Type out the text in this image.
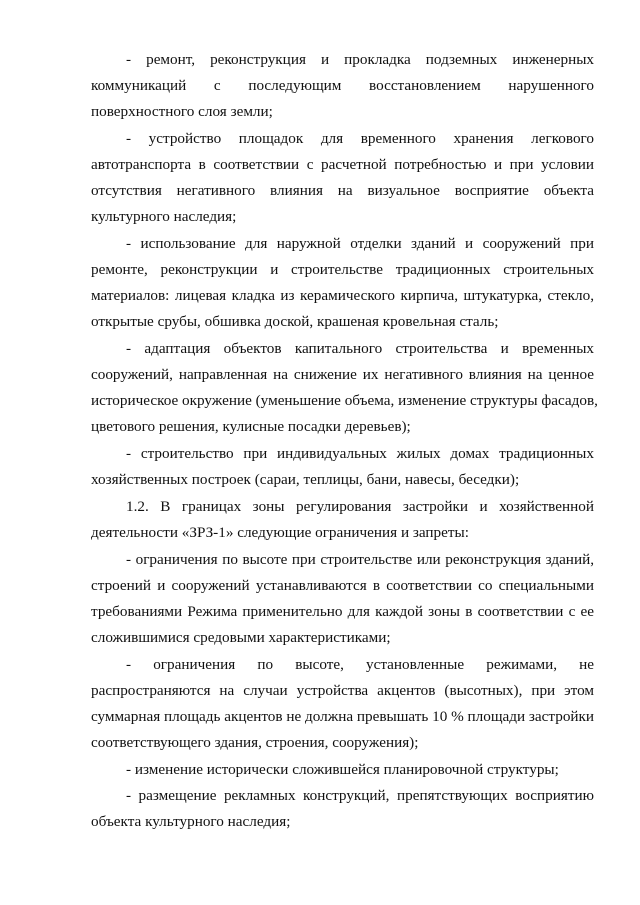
- ремонт, реконструкция и прокладка подземных инженерных
коммуникаций с последующим восстановлением нарушенного
поверхностного слоя земли;
- устройство площадок для временного хранения легкового
автотранспорта в соответствии с расчетной потребностью и при условии
отсутствия негативного влияния на визуальное восприятие объекта
культурного наследия;
- использование для наружной отделки зданий и сооружений при
ремонте, реконструкции и строительстве традиционных строительных
материалов: лицевая кладка из керамического кирпича, штукатурка, стекло,
открытые срубы, обшивка доской, крашеная кровельная сталь;
- адаптация объектов капитального строительства и временных
сооружений, направленная на снижение их негативного влияния на ценное
историческое окружение (уменьшение объема, изменение структуры фасадов,
цветового решения, кулисные посадки деревьев);
- строительство при индивидуальных жилых домах традиционных
хозяйственных построек (сараи, теплицы, бани, навесы, беседки);
1.2. В границах зоны регулирования застройки и хозяйственной
деятельности «ЗРЗ-1» следующие ограничения и запреты:
- ограничения по высоте при строительстве или реконструкция зданий,
строений и сооружений устанавливаются в соответствии со специальными
требованиями Режима применительно для каждой зоны в соответствии с ее
сложившимися средовыми характеристиками;
- ограничения по высоте, установленные режимами, не
распространяются на случаи устройства акцентов (высотных), при этом
суммарная площадь акцентов не должна превышать 10 % площади застройки
соответствующего здания, строения, сооружения);
- изменение исторически сложившейся планировочной структуры;
- размещение рекламных конструкций, препятствующих восприятию
объекта культурного наследия;
